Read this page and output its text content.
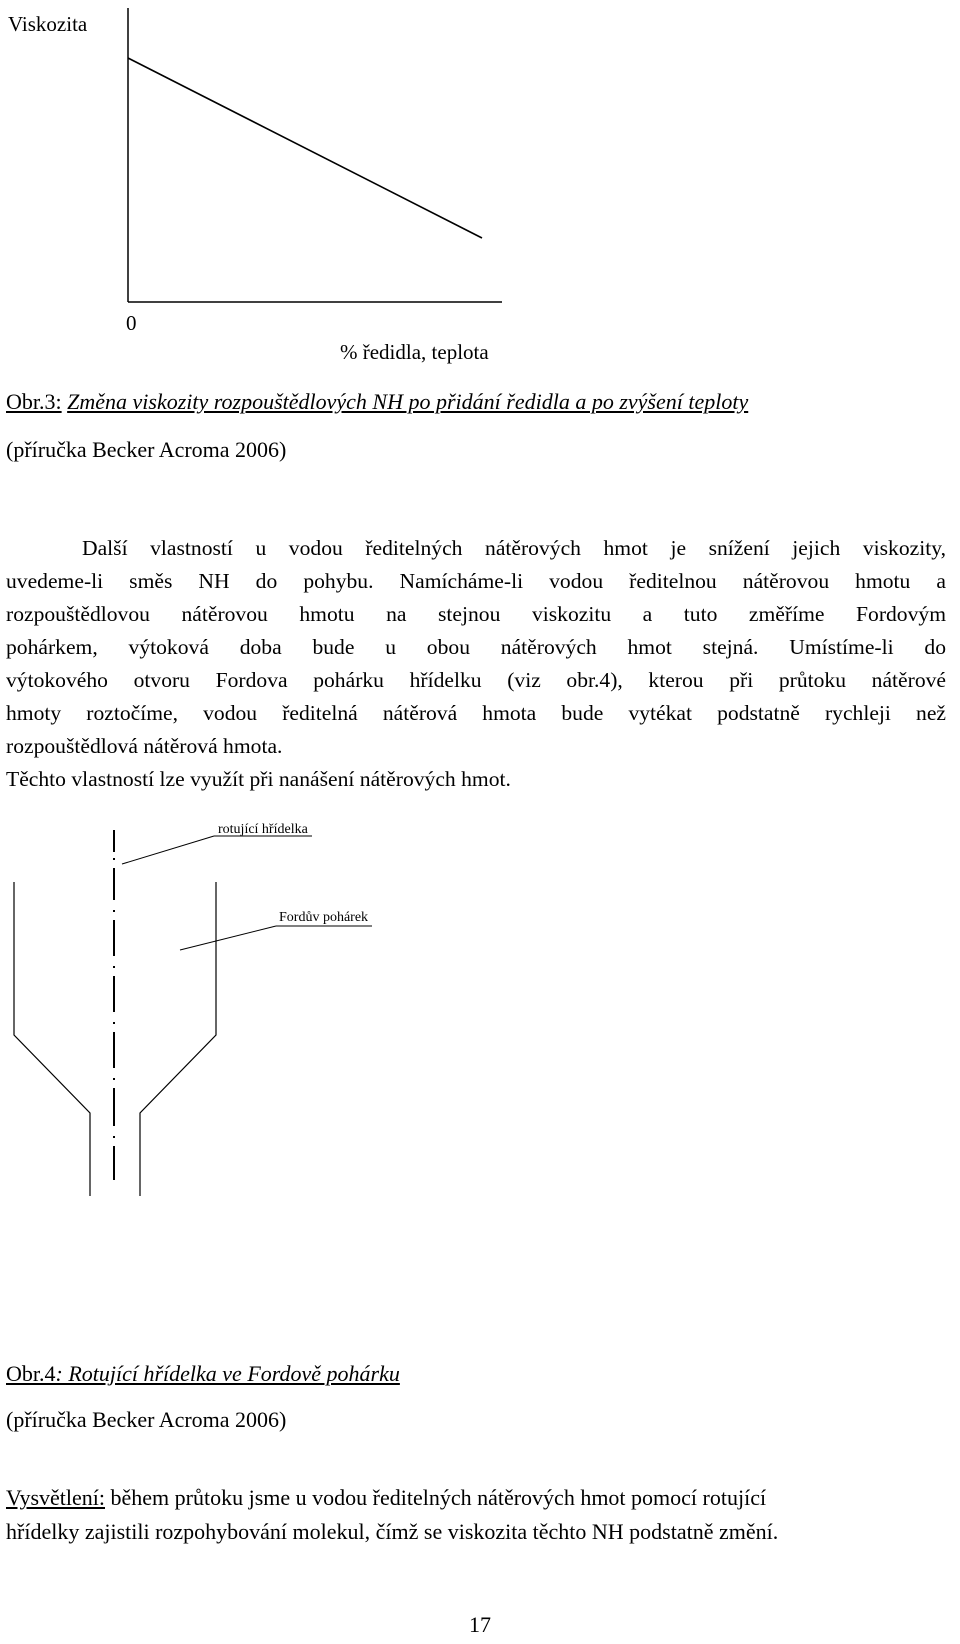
Viskozita
0
% ředidla, teplota
Obr.3: Změna viskozity rozpouštědlových NH po přidání ředidla a po zvýšení teploty
(příručka Becker Acroma 2006)
Další vlastností u vodou ředitelných nátěrových hmot je snížení jejich viskozity,
uvedeme-li směs NH do pohybu. Namícháme-li vodou ředitelnou nátěrovou hmotu a
rozpouštědlovou nátěrovou hmotu na stejnou viskozitu a tuto změříme Fordovým
pohárkem, výtoková doba bude u obou nátěrových hmot stejná. Umístíme-li do
výtokového otvoru Fordova pohárku hřídelku (viz obr.4), kterou při průtoku nátěrové
hmoty roztočíme, vodou ředitelná nátěrová hmota bude vytékat podstatně rychleji než
rozpouštědlová nátěrová hmota.
Těchto vlastností lze využít při nanášení nátěrových hmot.
rotující hřídelka
Fordův pohárek
Obr.4: Rotující hřídelka ve Fordově pohárku
(příručka Becker Acroma 2006)
Vysvětlení: během průtoku jsme u vodou ředitelných nátěrových hmot pomocí rotující
hřídelky zajistili rozpohybování molekul, čímž se viskozita těchto NH podstatně změní.
17
